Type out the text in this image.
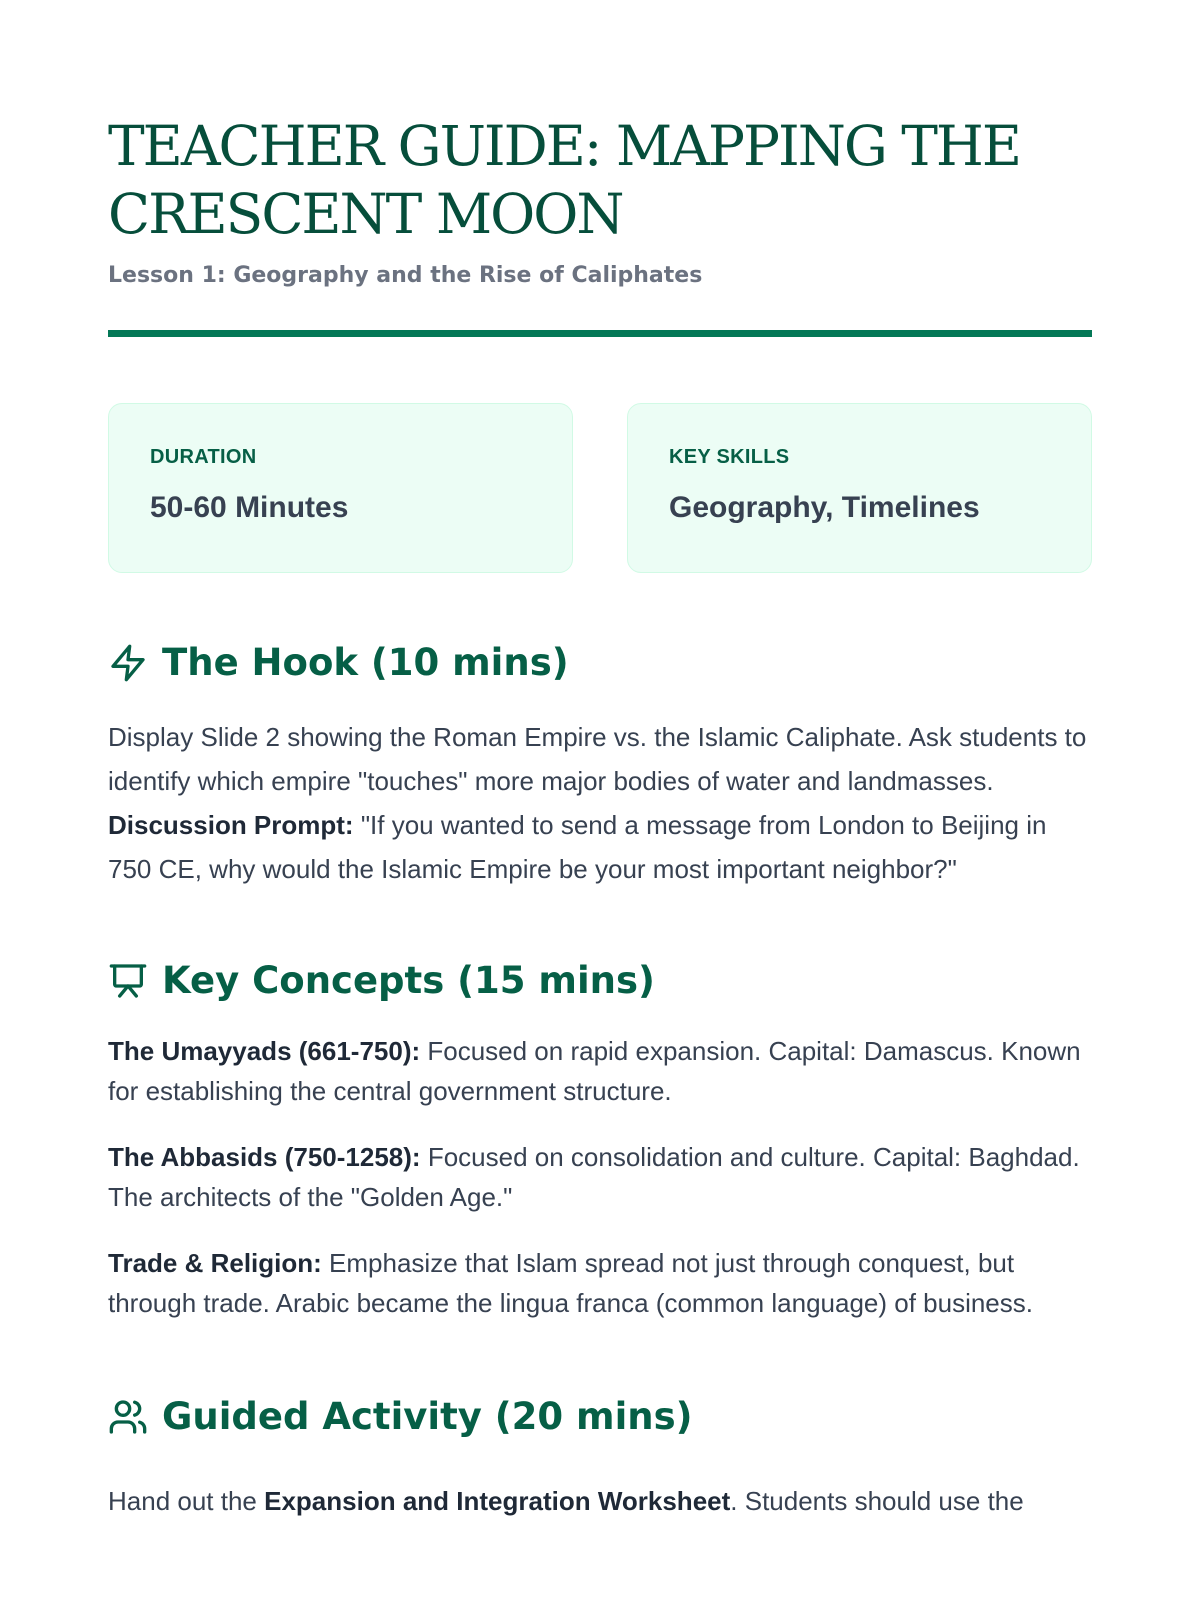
TEACHER GUIDE: MAPPING THE
CRESCENT MOON

Lesson 1: Geography and the Rise of Caliphates

DURATION
50-60 Minutes
KEY SKILLS
Geography, Timelines
The Hook (10 mins)

Display Slide 2 showing the Roman Empire vs. the Islamic Caliphate. Ask students to identify which empire "touches" more major bodies of water and landmasses. Discussion Prompt: "If you wanted to send a message from London to Beijing in 750 CE, why would the Islamic Empire be your most important neighbor?"

Key Concepts (15 mins)

The Umayyads (661-750): Focused on rapid expansion. Capital: Damascus. Known for establishing the central government structure.

The Abbasids (750-1258): Focused on consolidation and culture. Capital: Baghdad. The architects of the "Golden Age."

Trade & Religion: Emphasize that Islam spread not just through conquest, but through trade. Arabic became the lingua franca (common language) of business.

Guided Activity (20 mins)

Hand out the Expansion and Integration Worksheet. Students should use the
